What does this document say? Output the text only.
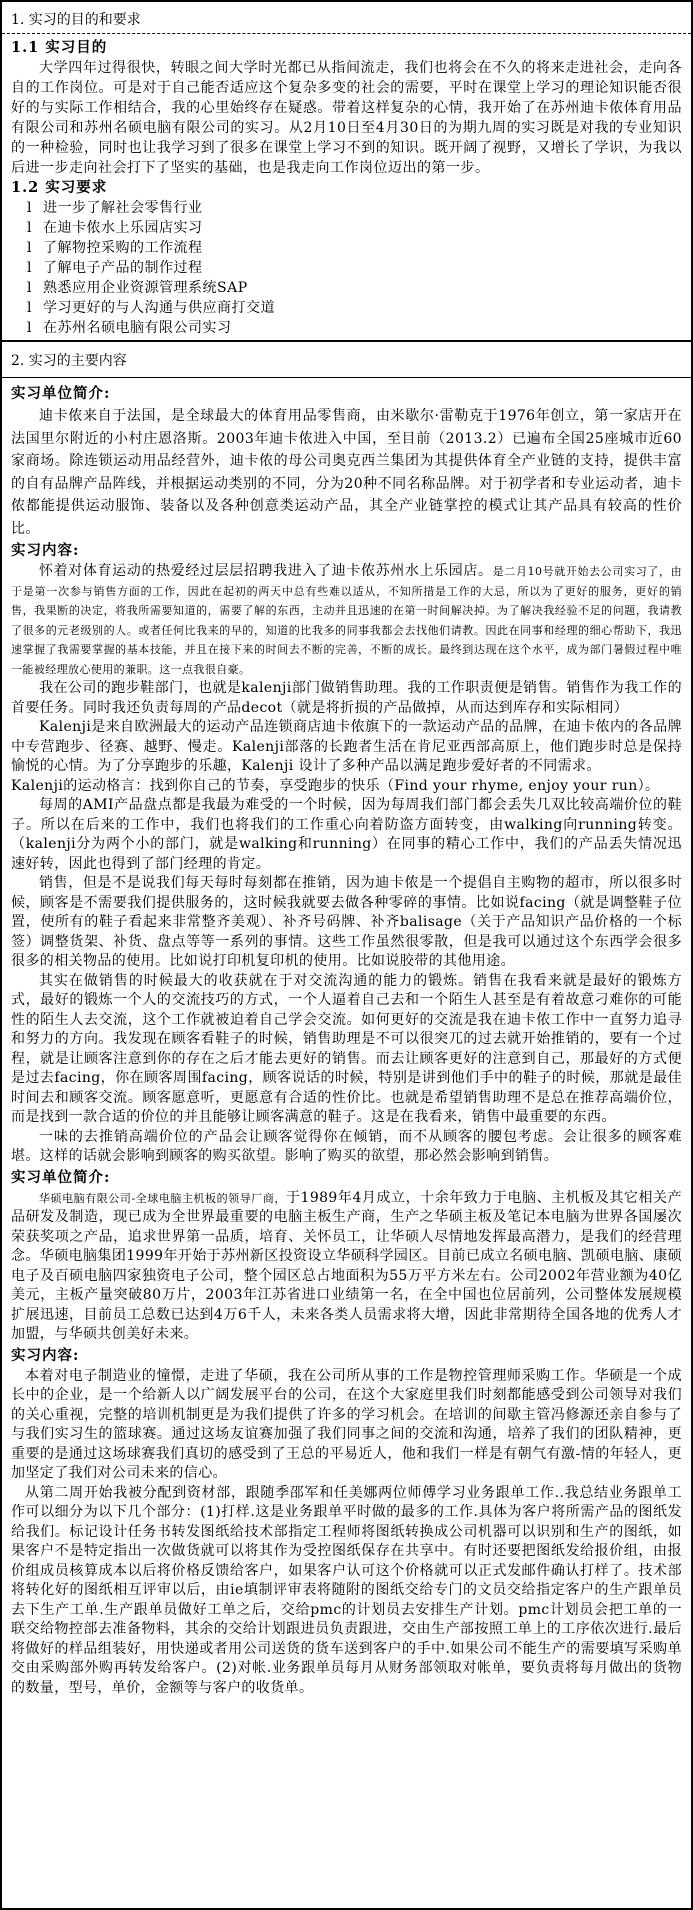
1. 实习的目的和要求
1.1 实习目的

大学四年过得很快，转眼之间大学时光都已从指间流走，我们也将会在不久的将来走进社会，走向各自的工作岗位。可是对于自己能否适应这个复杂多变的社会的需要，平时在课堂上学习的理论知识能否很好的与实际工作相结合，我的心里始终存在疑惑。带着这样复杂的心情，我开始了在苏州迪卡侬体育用品有限公司和苏州名硕电脑有限公司的实习。从2月10日至4月30日的为期九周的实习既是对我的专业知识的一种检验，同时也让我学习到了很多在课堂上学习不到的知识。既开阔了视野，又增长了学识，为我以后进一步走向社会打下了坚实的基础，也是我走向工作岗位迈出的第一步。

1.2 实习要求
l 进一步了解社会零售行业
l 在迪卡侬水上乐园店实习
l 了解物控采购的工作流程
l 了解电子产品的制作过程
l 熟悉应用企业资源管理系统SAP
l 学习更好的与人沟通与供应商打交道
l 在苏州名硕电脑有限公司实习
2. 实习的主要内容
实习单位简介:

迪卡侬来自于法国，是全球最大的体育用品零售商，由米歇尔·雷勒克于1976年创立，第一家店开在法国里尔附近的小村庄恩洛斯。2003年迪卡侬进入中国，至目前（2013.2）已遍布全国25座城市近60家商场。除连锁运动用品经营外，迪卡侬的母公司奥克西兰集团为其提供体育全产业链的支持，提供丰富的自有品牌产品阵线，并根据运动类别的不同，分为20种不同名称品牌。对于初学者和专业运动者，迪卡侬都能提供运动服饰、装备以及各种创意类运动产品，其全产业链掌控的模式让其产品具有较高的性价比。

实习内容:

怀着对体育运动的热爱经过层层招聘我进入了迪卡侬苏州水上乐园店。是二月10号就开始去公司实习了，由于是第一次参与销售方面的工作，因此在起初的两天中总有些难以适从，不知所措是工作的大忌，所以为了更好的服务，更好的销售，我果断的决定，将我所需要知道的，需要了解的东西，主动并且迅速的在第一时间解决掉。为了解决我经验不足的问题，我请教了很多的元老级别的人。或者任何比我来的早的，知道的比我多的同事我都会去找他们请教。因此在同事和经理的细心帮助下，我迅速掌握了我需要掌握的基本技能，并且在接下来的时间去不断的完善，不断的成长。最终到达现在这个水平，成为部门暑假过程中唯一能被经理放心使用的兼职。这一点我很自豪。

我在公司的跑步鞋部门，也就是kalenji部门做销售助理。我的工作职责便是销售。销售作为我工作的首要任务。同时我还负责每周的产品decot（就是将折损的产品做掉，从而达到库存和实际相同）

Kalenji是来自欧洲最大的运动产品连锁商店迪卡侬旗下的一款运动产品的品牌，在迪卡侬内的各品牌中专营跑步、径赛、越野、慢走。Kalenji部落的长跑者生活在肯尼亚西部高原上，他们跑步时总是保持愉悦的心情。为了分享跑步的乐趣，Kalenji 设计了多种产品以满足跑步爱好者的不同需求。

Kalenji的运动格言：找到你自己的节奏，享受跑步的快乐（Find your rhyme, enjoy your run）。

每周的AMI产品盘点都是我最为难受的一个时候，因为每周我们部门都会丢失几双比较高端价位的鞋子。所以在后来的工作中，我们也将我们的工作重心向着防盗方面转变，由walking向running转变。（kalenji分为两个小的部门，就是walking和running）在同事的精心工作中，我们的产品丢失情况迅速好转，因此也得到了部门经理的肯定。

销售，但是不是说我们每天每时每刻都在推销，因为迪卡侬是一个提倡自主购物的超市，所以很多时候，顾客是不需要我们提供服务的，这时候我就要去做各种零碎的事情。比如说facing（就是调整鞋子位置，使所有的鞋子看起来非常整齐美观）、补齐号码牌、补齐balisage（关于产品知识产品价格的一个标签）调整货架、补货、盘点等等一系列的事情。这些工作虽然很零散，但是我可以通过这个东西学会很多很多的相关物品的使用。比如说打印机复印机的使用。比如说胶带的其他用途。

其实在做销售的时候最大的收获就在于对交流沟通的能力的锻炼。销售在我看来就是最好的锻炼方式，最好的锻炼一个人的交流技巧的方式，一个人逼着自己去和一个陌生人甚至是有着故意刁难你的可能性的陌生人去交流，这个工作就被迫着自己学会交流。如何更好的交流是我在迪卡侬工作中一直努力追寻和努力的方向。我发现在顾客看鞋子的时候，销售助理是不可以很突兀的过去就开始推销的，要有一个过程，就是让顾客注意到你的存在之后才能去更好的销售。而去让顾客更好的注意到自己，那最好的方式便是过去facing，你在顾客周围facing，顾客说话的时候，特别是讲到他们手中的鞋子的时候，那就是最佳时间去和顾客交流。顾客愿意听，更愿意有合适的性价比。也就是希望销售助理不是总在推荐高端价位，而是找到一款合适的价位的并且能够让顾客满意的鞋子。这是在我看来，销售中最重要的东西。

一味的去推销高端价位的产品会让顾客觉得你在倾销，而不从顾客的腰包考虑。会让很多的顾客难堪。这样的话就会影响到顾客的购买欲望。影响了购买的欲望，那必然会影响到销售。

实习单位简介:

华硕电脑有限公司-全球电脑主机板的领导厂商，于1989年4月成立，十余年致力于电脑、主机板及其它相关产品研发及制造，现已成为全世界最重要的电脑主板生产商，生产之华硕主板及笔记本电脑为世界各国屡次荣获奖项之产品，追求世界第一品质，培育、关怀员工，让华硕人尽情地发挥最高潜力，是我们的经营理念。华硕电脑集团1999年开始于苏州新区投资设立华硕科学园区。目前已成立名硕电脑、凯硕电脑、康硕电子及百硕电脑四家独资电子公司，整个园区总占地面积为55万平方米左右。公司2002年营业额为40亿美元，主板产量突破80万片，2003年江苏省进口业绩第一名，在全中国也位居前列，公司整体发展规模扩展迅速，目前员工总数已达到4万6千人，未来各类人员需求将大增，因此非常期待全国各地的优秀人才加盟，与华硕共创美好未来。

实习内容:

本着对电子制造业的憧憬，走进了华硕，我在公司所从事的工作是物控管理师采购工作。华硕是一个成长中的企业，是一个给新人以广阔发展平台的公司，在这个大家庭里我们时刻都能感受到公司领导对我们的关心重视，完整的培训机制更是为我们提供了许多的学习机会。在培训的间歇主管冯修源还亲自参与了与我们实习生的篮球赛。通过这场友谊赛加强了我们同事之间的交流和沟通，培养了我们的团队精神，更重要的是通过这场球赛我们真切的感受到了王总的平易近人，他和我们一样是有朝气有激-情的年轻人，更加坚定了我们对公司未来的信心。

从第二周开始我被分配到资材部，跟随季邵军和任美娜两位师傅学习业务跟单工作..我总结业务跟单工作可以细分为以下几个部分：(1)打样.这是业务跟单平时做的最多的工作.具体为客户将所需产品的图纸发给我们。标记设计任务书转发图纸给技术部指定工程师将图纸转换成公司机器可以识别和生产的图纸，如果客户不是特定指出一次做货就可以将其作为受控图纸保存在共享中。有时还要把图纸发给报价组，由报价组成员核算成本以后将价格反馈给客户，如果客户认可这个价格就可以正式发邮件确认打样了。技术部将转化好的图纸相互评审以后，由ie填制评审表将随附的图纸交给专门的文员交给指定客户的生产跟单员去下生产工单.生产跟单员做好工单之后，交给pmc的计划员去安排生产计划。pmc计划员会把工单的一联交给物控部去准备物料，其余的交给计划跟进员负责跟进，交由生产部按照工单上的工序依次进行.最后将做好的样品组装好，用快递或者用公司送货的货车送到客户的手中.如果公司不能生产的需要填写采购单交由采购部外购再转发给客户。(2)对帐.业务跟单员每月从财务部领取对帐单，要负责将每月做出的货物的数量，型号，单价，金额等与客户的收货单。
